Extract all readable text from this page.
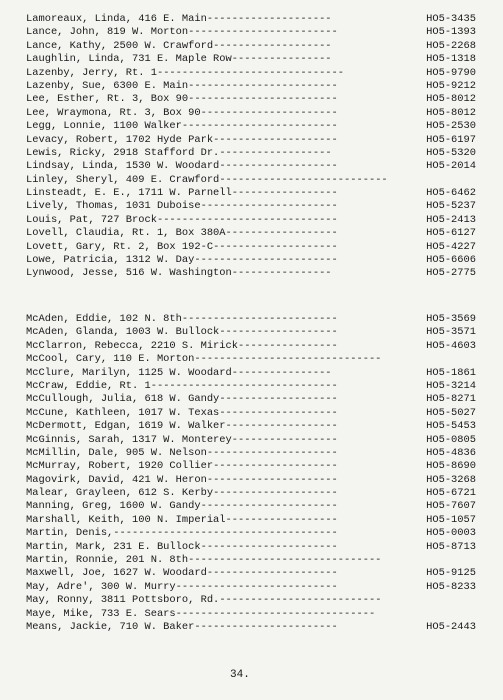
Lamoreaux, Linda, 416 E. Main--------------------	HO5-3435
Lance, John, 819 W. Morton------------------------	HO5-1393
Lance, Kathy, 2500 W. Crawford-------------------	HO5-2268
Laughlin, Linda, 731 E. Maple Row----------------	HO5-1318
Lazenby, Jerry, Rt. 1------------------------------	HO5-9790
Lazenby, Sue, 6300 E. Main------------------------	HO5-9212
Lee, Esther, Rt. 3, Box 90------------------------	HO5-8012
Lee, Wraymona, Rt. 3, Box 90----------------------	HO5-8012
Legg, Lonnie, 1100 Walker-------------------------	HO5-2530
Levacy, Robert, 1702 Hyde Park--------------------	HO5-6197
Lewis, Ricky, 2918 Stafford Dr.------------------	HO5-5320
Lindsay, Linda, 1530 W. Woodard-------------------	HO5-2014
Linley, Sheryl, 409 E. Crawford---------------------------
Linsteadt, E. E., 1711 W. Parnell-----------------	HO5-6462
Lively, Thomas, 1031 Duboise----------------------	HO5-5237
Louis, Pat, 727 Brock-----------------------------	HO5-2413
Lovell, Claudia, Rt. 1, Box 380A------------------	HO5-6127
Lovett, Gary, Rt. 2, Box 192-C--------------------	HO5-4227
Lowe, Patricia, 1312 W. Day-----------------------	HO5-6606
Lynwood, Jesse, 516 W. Washington----------------	HO5-2775
McAden, Eddie, 102 N. 8th-------------------------	HO5-3569
McAden, Glanda, 1003 W. Bullock-------------------	HO5-3571
McClarron, Rebecca, 2210 S. Mirick----------------	HO5-4603
McCool, Cary, 110 E. Morton------------------------------
McClure, Marilyn, 1125 W. Woodard----------------	HO5-1861
McCraw, Eddie, Rt. 1------------------------------	HO5-3214
McCullough, Julia, 618 W. Gandy-------------------	HO5-8271
McCune, Kathleen, 1017 W. Texas-------------------	HO5-5027
McDermott, Edgan, 1619 W. Walker------------------	HO5-5453
McGinnis, Sarah, 1317 W. Monterey-----------------	HO5-0805
McMillin, Dale, 905 W. Nelson---------------------	HO5-4836
McMurray, Robert, 1920 Collier--------------------	HO5-8690
Magovirk, David, 421 W. Heron---------------------	HO5-3268
Malear, Grayleen, 612 S. Kerby--------------------	HO5-6721
Manning, Greg, 1600 W. Gandy----------------------	HO5-7607
Marshall, Keith, 100 N. Imperial------------------	HO5-1057
Martin, Denis,------------------------------------	HO5-0003
Martin, Mark, 231 E. Bullock----------------------	HO5-8713
Martin, Ronnie, 201 N. 8th-------------------------------
Maxwell, Joe, 1627 W. Woodard---------------------	HO5-9125
May, Adre', 300 W. Murry--------------------------	HO5-8233
May, Ronny, 3811 Pottsboro, Rd.--------------------------
Maye, Mike, 733 E. Sears--------------------------------
Means, Jackie, 710 W. Baker-----------------------	HO5-2443
34.
